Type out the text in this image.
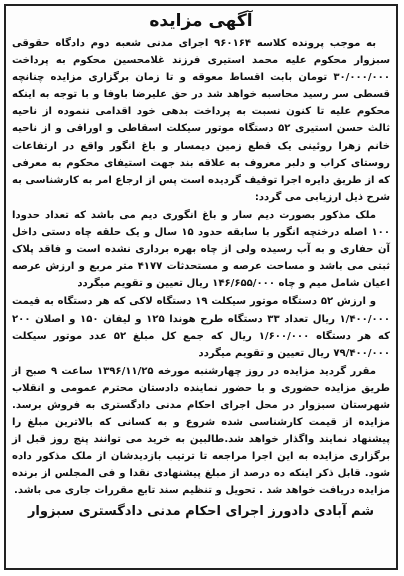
آگهی مزایده

به موجب پرونده کلاسه ۹۶۰۱۶۴ اجرای مدنی شعبه دوم دادگاه حقوقی سبزوار محکوم علیه محمد استیری فرزند غلامحسین محکوم به پرداخت ۳۰/۰۰۰/۰۰۰ تومان بابت اقساط معوقه و تا زمان برگزاری مزایده چنانچه قسطی سر رسید محاسبه خواهد شد در حق علیرضا باوفا و با توجه به اینکه محکوم علیه تا کنون نسبت به پرداخت بدهی خود اقدامی ننموده از ناحیه ثالث حسن استیری ۵۲ دستگاه موتور سیکلت اسقاطی و اوراقی و از ناحیه خانم زهرا روئینی یک قطع زمین دیمسار و باغ انگور واقع در ارتفاعات روستای کراب و دلبر معروف به علاقه بند جهت استیفای محکوم به معرفی که از طریق دایره اجرا توقیف گردیده است پس از ارجاع امر به کارشناسی به شرح ذیل ارزیابی می گردد:

ملک مذکور بصورت دیم سار و باغ انگوری دیم می باشد که تعداد حدودا ۱۰۰ اصله درختچه انگور با سابقه حدود ۱۵ سال و یک حلقه چاه دستی داخل آن حفاری و به آب رسیده ولی از چاه بهره برداری نشده است و فاقد پلاک ثبتی می باشد و مساحت عرصه و مستحدثات ۴۱۷۷ متر مربع و ارزش عرصه اعیان شامل میم و چاه ۱۴۶/۶۵۵/۰۰۰ ریال تعیین و تقویم میگردد

و ارزش ۵۲ دستگاه موتور سیکلت ۱۹ دستگاه لاکی که هر دستگاه به قیمت ۱/۴۰۰/۰۰۰ ریال تعداد ۳۳ دستگاه طرح هوندا ۱۲۵ و لیفان ۱۵۰ و اصلان ۲۰۰ که هر دستگاه ۱/۶۰۰/۰۰۰ ریال که جمع کل مبلغ ۵۲ عدد موتور سیکلت ۷۹/۴۰۰/۰۰۰ ریال تعیین و تقویم میگردد

مقرر گردید مزایده در روز چهارشنبه مورخه ۱۳۹۶/۱۱/۲۵ ساعت ۹ صبح از طریق مزایده حضوری و با حضور نماینده دادستان محترم عمومی و انقلاب شهرستان سبزوار در محل اجرای احکام مدنی دادگستری به فروش برسد. مزایده از قیمت کارشناسی شده شروع و به کسانی که بالاترین مبلغ را پیشنهاد نمایند واگذار خواهد شد.طالبین به خرید می توانند پنج روز قبل از برگزاری مزایده به این اجرا مراجعه تا ترتیب بازدیدشان از ملک مذکور داده شود. قابل ذکر اینکه ده درصد از مبلغ پیشنهادی نقدا و فی المجلس از برنده مزایده دریافت خواهد شد . تحویل و تنظیم سند تابع مقررات جاری می باشد.

شم آبادی دادورز اجرای احکام مدنی دادگستری سبزوار
